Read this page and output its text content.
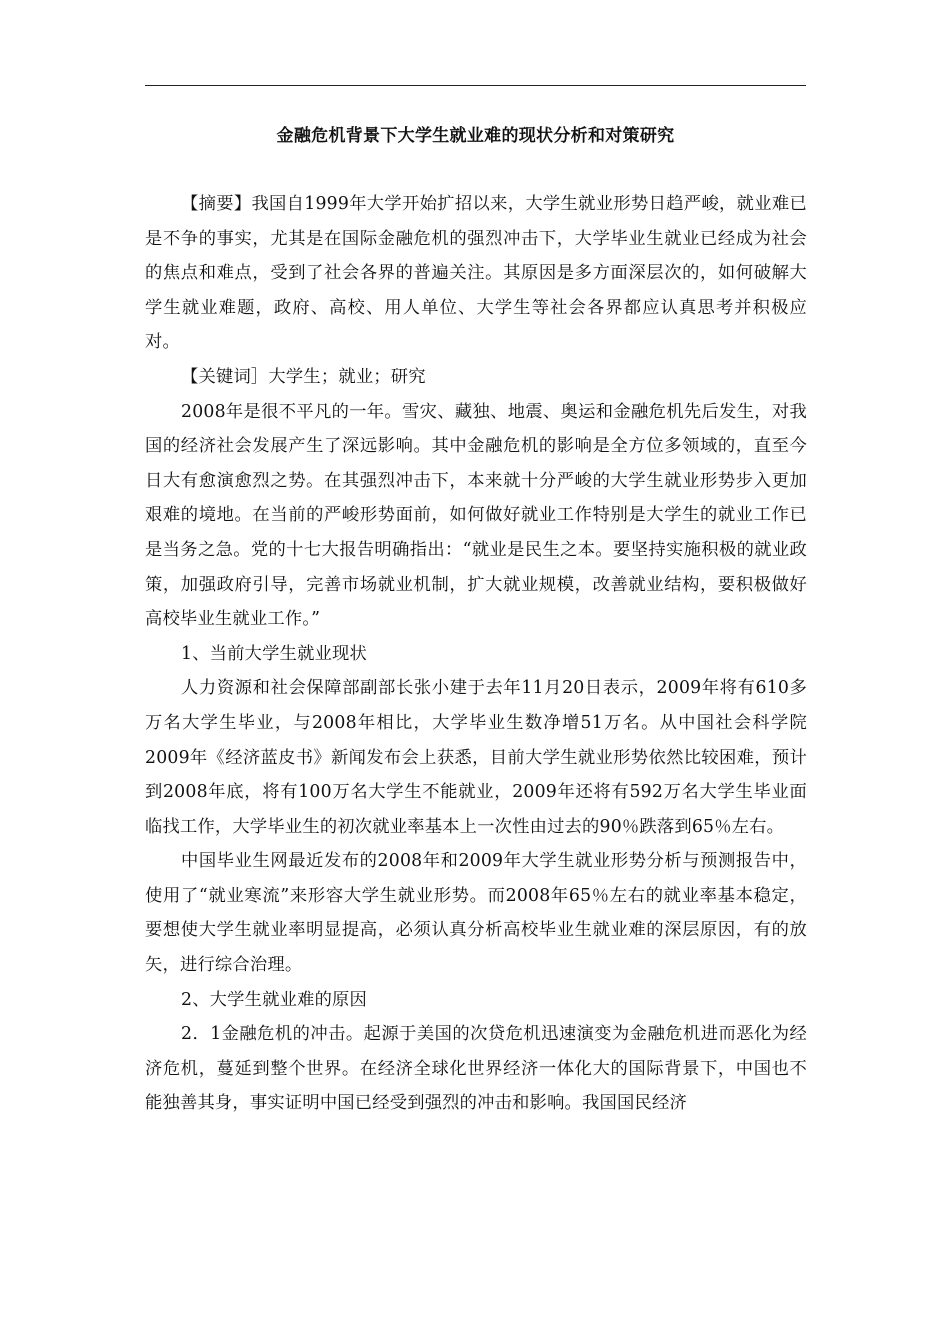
金融危机背景下大学生就业难的现状分析和对策研究

【摘要】我国自1999年大学开始扩招以来，大学生就业形势日趋严峻，就业难已是不争的事实，尤其是在国际金融危机的强烈冲击下，大学毕业生就业已经成为社会的焦点和难点，受到了社会各界的普遍关注。其原因是多方面深层次的，如何破解大学生就业难题，政府、高校、用人单位、大学生等社会各界都应认真思考并积极应对。

【关键词］大学生；就业；研究

2008年是很不平凡的一年。雪灾、藏独、地震、奥运和金融危机先后发生，对我国的经济社会发展产生了深远影响。其中金融危机的影响是全方位多领域的，直至今日大有愈演愈烈之势。在其强烈冲击下，本来就十分严峻的大学生就业形势步入更加艰难的境地。在当前的严峻形势面前，如何做好就业工作特别是大学生的就业工作已是当务之急。党的十七大报告明确指出：“就业是民生之本。要坚持实施积极的就业政策，加强政府引导，完善市场就业机制，扩大就业规模，改善就业结构，要积极做好高校毕业生就业工作。”

1、当前大学生就业现状

人力资源和社会保障部副部长张小建于去年11月20日表示，2009年将有610多万名大学生毕业，与2008年相比，大学毕业生数净增51万名。从中国社会科学院2009年《经济蓝皮书》新闻发布会上获悉，目前大学生就业形势依然比较困难，预计到2008年底，将有100万名大学生不能就业，2009年还将有592万名大学生毕业面临找工作，大学毕业生的初次就业率基本上一次性由过去的90％跌落到65％左右。

中国毕业生网最近发布的2008年和2009年大学生就业形势分析与预测报告中，使用了“就业寒流”来形容大学生就业形势。而2008年65％左右的就业率基本稳定，要想使大学生就业率明显提高，必须认真分析高校毕业生就业难的深层原因，有的放矢，进行综合治理。

2、大学生就业难的原因

2．1金融危机的冲击。起源于美国的次贷危机迅速演变为金融危机进而恶化为经济危机，蔓延到整个世界。在经济全球化世界经济一体化大的国际背景下，中国也不能独善其身，事实证明中国已经受到强烈的冲击和影响。我国国民经济
